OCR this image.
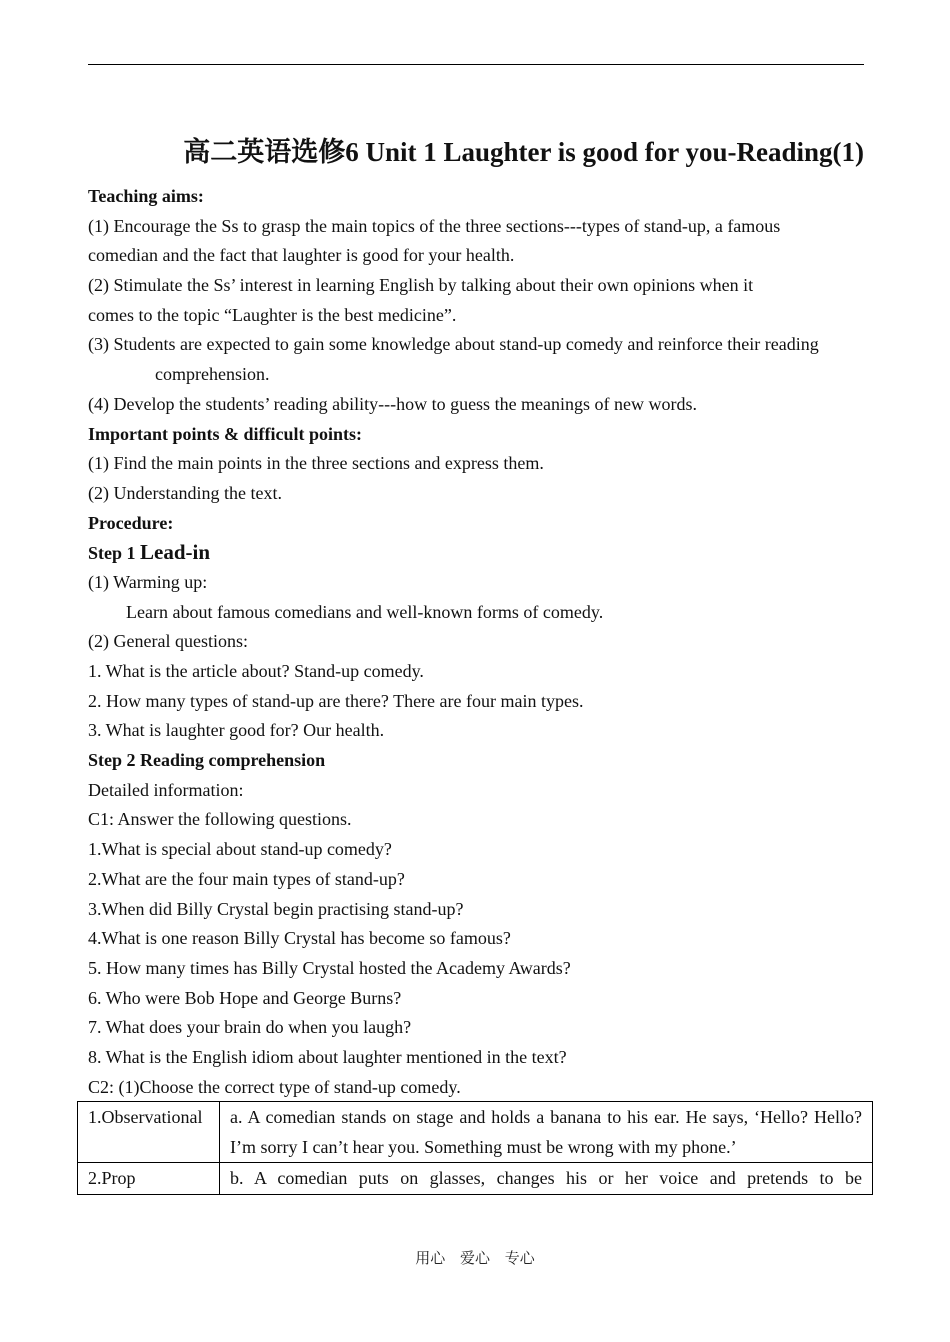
高二英语选修6 Unit 1 Laughter is good for you-Reading(1)
Teaching aims:
(1) Encourage the Ss to grasp the main topics of the three sections---types of stand-up, a famous
comedian and the fact that laughter is good for your health.
(2) Stimulate the Ss’ interest in learning English by talking about their own opinions when it
comes to the topic “Laughter is the best medicine”.
(3) Students are expected to gain some knowledge about stand-up comedy and reinforce their reading
comprehension.
(4) Develop the students’ reading ability---how to guess the meanings of new words.
Important points & difficult points:
(1) Find the main points in the three sections and express them.
(2) Understanding the text.
Procedure:
Step 1 Lead-in
(1) Warming up:
Learn about famous comedians and well-known forms of comedy.
(2) General questions:
1. What is the article about? Stand-up comedy.
2. How many types of stand-up are there? There are four main types.
3. What is laughter good for? Our health.
Step 2 Reading comprehension
Detailed information:
C1: Answer the following questions.
1.What is special about stand-up comedy?
2.What are the four main types of stand-up?
3.When did Billy Crystal begin practising stand-up?
4.What is one reason Billy Crystal has become so famous?
5. How many times has Billy Crystal hosted the Academy Awards?
6. Who were Bob Hope and George Burns?
7. What does your brain do when you laugh?
8. What is the English idiom about laughter mentioned in the text?
C2: (1)Choose the correct type of stand-up comedy.
1.Observational	a. A comedian stands on stage and holds a banana to his ear. He says, ‘Hello? Hello? I’m sorry I can’t hear you. Something must be wrong with my phone.’
2.Prop	b. A comedian puts on glasses, changes his or her voice and pretends to be
用心 爱心 专心
